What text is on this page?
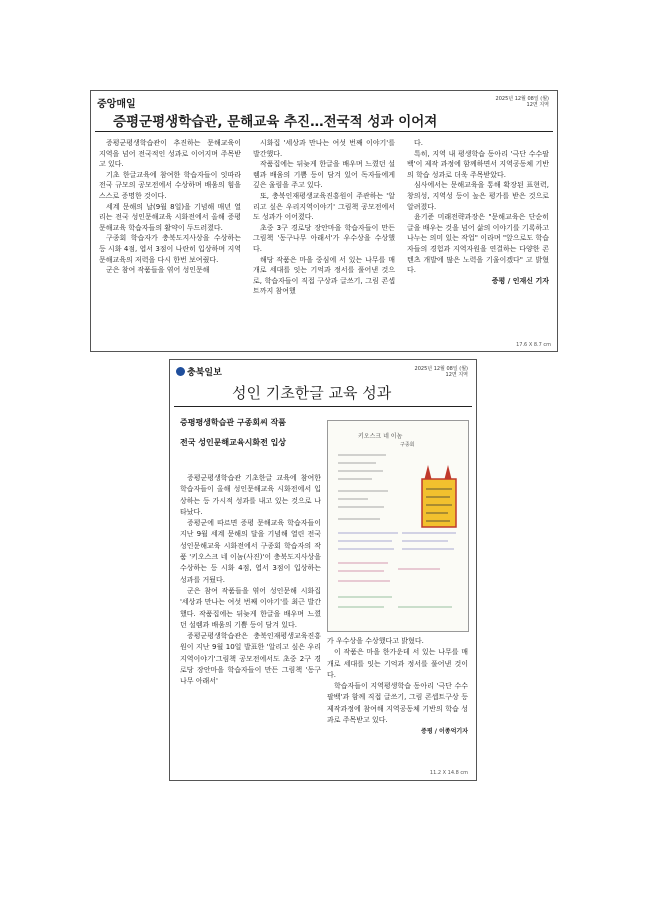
중앙매일	2025년 12월 08일 (월)
12면 지역
증평군평생학습관, 문해교육 추진…전국적 성과 이어져

증평군평생학습관이 추진하는 문해교육이 지역을 넘어 전국적인 성과로 이어지며 주목받고 있다.

기초 한글교육에 참여한 학습자들이 잇따라 전국 규모의 공모전에서 수상하며 배움의 힘을 스스로 증명한 것이다.

세계 문해의 날(9월 8일)을 기념해 매년 열리는 전국 성인문해교육 시화전에서 올해 증평 문해교육 학습자들의 활약이 두드러졌다.

구종회 학습자가 충북도지사상을 수상하는 등 시화 4점, 엽서 3점이 나란히 입상하며 지역 문해교육의 저력을 다시 한번 보여줬다.

군은 참여 작품들을 엮어 성인문해

시화집 '세상과 만나는 여섯 번째 이야기'를 발간했다.

작품집에는 뒤늦게 한글을 배우며 느꼈던 설렘과 배움의 기쁨 등이 담겨 있어 독자들에게 깊은 울림을 주고 있다.

또, 충북인재평생교육진흥원이 주관하는 '알리고 싶은 우리지역이야기' 그림책 공모전에서도 성과가 이어졌다.

초중 3구 경로당 장안마을 학습자들이 만든 그림책 '동구나무 아래서'가 우수상을 수상했다.

해당 작품은 마을 중심에 서 있는 나무를 매개로 세대를 잇는 기억과 정서를 풀어낸 것으로, 학습자들이 직접 구상과 글쓰기, 그림 콘셉트까지 참여했

다.

특히, 지역 내 평생학습 동아리 '극단 수수팔백'이 제작 과정에 함께하면서 지역공동체 기반의 학습 성과로 더욱 주목받았다.

심사에서는 문해교육을 통해 확장된 표현력, 창의성, 지역성 등이 높은 평가를 받은 것으로 알려졌다.

윤기준 미래전략과장은 "문해교육은 단순히 글을 배우는 것을 넘어 삶의 이야기를 기록하고 나누는 의미 있는 작업" 이라며 "앞으로도 학습자들의 경험과 지역자원을 연결하는 다양한 콘텐츠 개발에 많은 노력을 기울이겠다" 고 밝혔다.

증평 / 인재신 기자
17.6 X 8.7 cm
충북일보	2025년 12월 08일 (월)
12면 지역
성인 기초한글 교육 성과
증평평생학습관 구종회씨 작품
전국 성인문해교육시화전 입상

증평군평생학습관 기초한글 교육에 참여한 학습자들이 올해 성인문해교육 시화전에서 입상하는 등 가시적 성과를 내고 있는 것으로 나타났다.

증평군에 따르면 증평 문해교육 학습자들이 지난 9월 세계 문해의 달을 기념해 열린 전국 성인문해교육 시화전에서 구종회 학습자의 작품 '키오스크 네 이놈(사진)'이 충북도지사상을 수상하는 등 시화 4점, 엽서 3점이 입상하는 성과를 거뒀다.

군은 참여 작품들을 엮어 성인문해 시화집 '세상과 만나는 여섯 번째 이야기'를 최근 발간했다. 작품집에는 뒤늦게 한글을 배우며 느꼈던 설렘과 배움의 기쁨 등이 담겨 있다.

증평군평생학습관은 충북인재평생교육진흥원이 지난 9월 10일 발표한 '알리고 싶은 우리지역이야기'그림책 공모전에서도 초중 2구 경로당 장안마을 학습자들이 만든 그림책 '동구나무 아래서'

키오스크 네 이놈
구종회

가 우수상을 수상했다고 밝혔다.

이 작품은 마을 한가운데 서 있는 나무를 매개로 세대를 잇는 기억과 정서를 풀어낸 것이다.

학습자들이 지역평생학습 동아리 '극단 수수팔백'과 함께 직접 글쓰기, 그림 콘셉트구상 등 제작과정에 참여해 지역공동체 기반의 학습 성과로 주목받고 있다.

증평 / 이종억기자
11.2 X 14.8 cm
